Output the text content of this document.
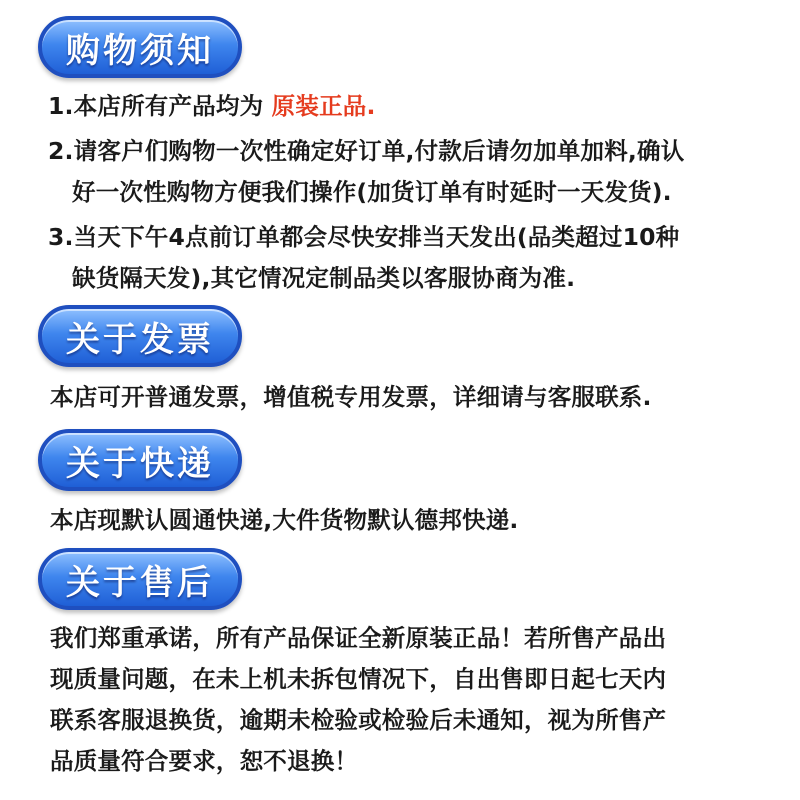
购物须知
1.本店所有产品均为 原装正品.
2.请客户们购物一次性确定好订单,付款后请勿加单加料,确认
好一次性购物方便我们操作(加货订单有时延时一天发货).
3.当天下午4点前订单都会尽快安排当天发出(品类超过10种
缺货隔天发),其它情况定制品类以客服协商为准.
关于发票
本店可开普通发票，增值税专用发票，详细请与客服联系.
关于快递
本店现默认圆通快递,大件货物默认德邦快递.
关于售后
我们郑重承诺，所有产品保证全新原装正品！若所售产品出
现质量问题，在未上机未拆包情况下，自出售即日起七天内
联系客服退换货，逾期未检验或检验后未通知，视为所售产
品质量符合要求，恕不退换！
